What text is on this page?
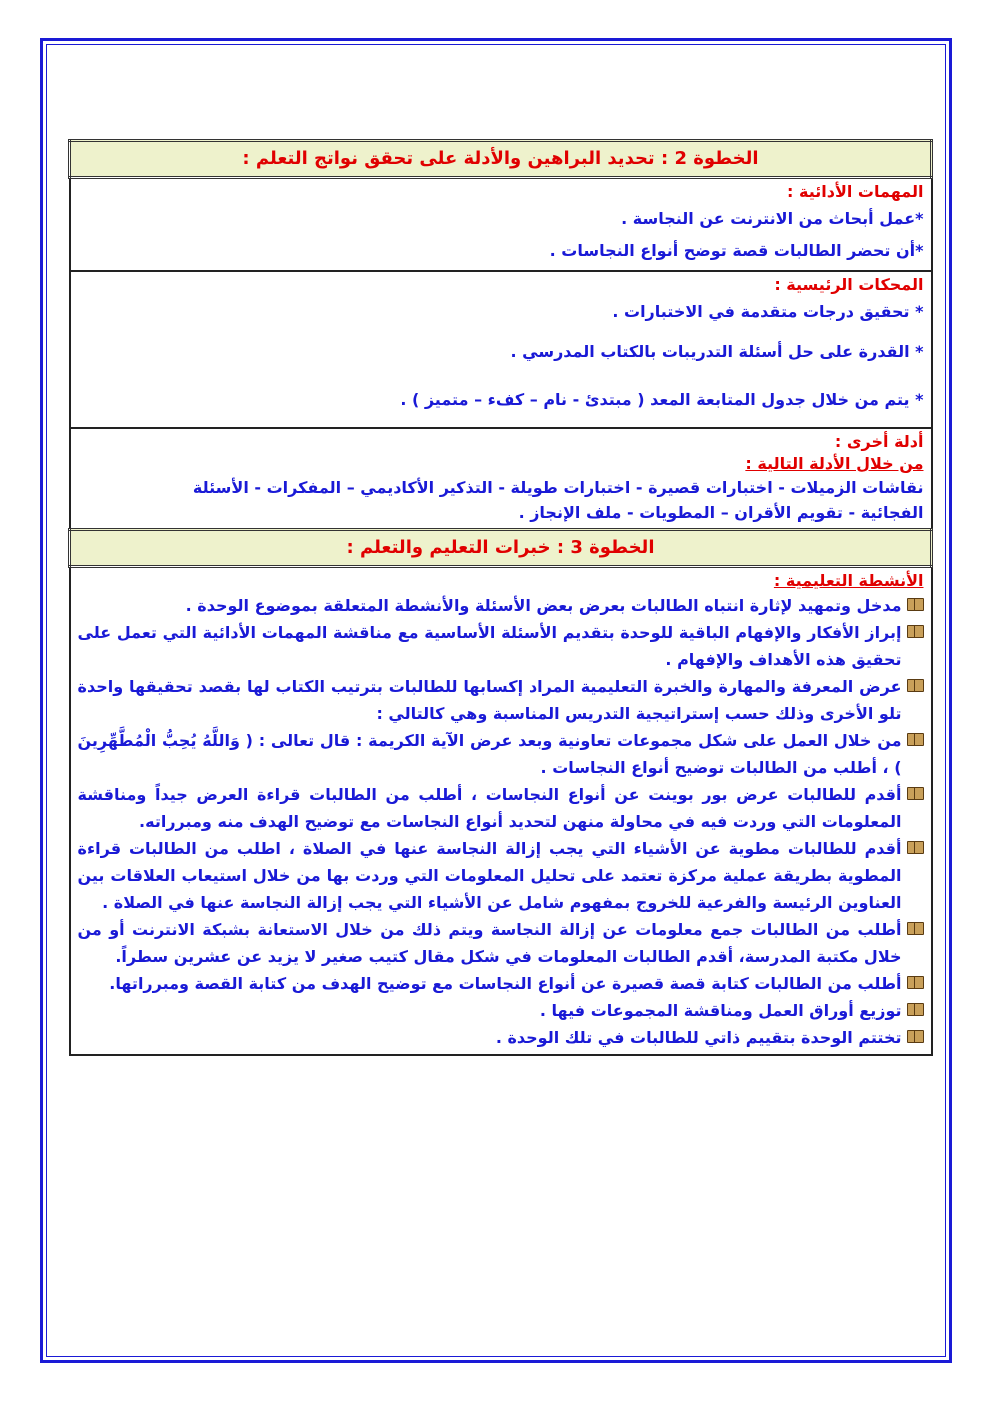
الخطوة 2 : تحديد البراهين والأدلة على تحقق نواتج التعلم :

المهمات الأدائية :
*عمل أبحاث من الانترنت عن النجاسة .
*أن تحضر الطالبات قصة توضح أنواع النجاسات .

المحكات الرئيسية :
* تحقيق درجات متقدمة في الاختبارات .
* القدرة على حل أسئلة التدريبات بالكتاب المدرسي .
* يتم من خلال جدول المتابعة المعد ( مبتدئ - نام – كفء – متميز ) .

أدلة أخرى :
من خلال الأدلة التالية :
نقاشات الزميلات - اختبارات قصيرة - اختبارات طويلة - التذكير الأكاديمي – المفكرات - الأسئلة
الفجائية - تقويم الأقران – المطويات - ملف الإنجاز .

الخطوة 3 : خبرات التعليم والتعلم :

الأنشطة التعليمية :
مدخل وتمهيد لإثارة انتباه الطالبات بعرض بعض الأسئلة والأنشطة المتعلقة بموضوع الوحدة .
إبراز الأفكار والإفهام الباقية للوحدة بتقديم الأسئلة الأساسية مع مناقشة المهمات الأدائية التي تعمل على تحقيق هذه الأهداف والإفهام .
عرض المعرفة والمهارة والخبرة التعليمية المراد إكسابها للطالبات بترتيب الكتاب لها بقصد تحقيقها واحدة تلو الأخرى وذلك حسب إستراتيجية التدريس المناسبة وهي كالتالي :
من خلال العمل على شكل مجموعات تعاونية وبعد عرض الآية الكريمة : قال تعالى : ( وَاللَّهُ يُحِبُّ الْمُطَّهِّرِينَ ) ، أطلب من الطالبات توضيح أنواع النجاسات .
أقدم للطالبات عرض بور بوينت عن أنواع النجاسات ، أطلب من الطالبات قراءة العرض جيداً ومناقشة المعلومات التي وردت فيه في محاولة منهن لتحديد أنواع النجاسات مع توضيح الهدف منه ومبرراته.
أقدم للطالبات مطوية عن الأشياء التي يجب إزالة النجاسة عنها في الصلاة ، اطلب من الطالبات قراءة المطوية بطريقة عملية مركزة تعتمد على تحليل المعلومات التي وردت بها من خلال استيعاب العلاقات بين العناوين الرئيسة والفرعية للخروج بمفهوم شامل عن الأشياء التي يجب إزالة النجاسة عنها في الصلاة .
أطلب من الطالبات جمع معلومات عن إزالة النجاسة ويتم ذلك من خلال الاستعانة بشبكة الانترنت أو من خلال مكتبة المدرسة، أقدم الطالبات المعلومات في شكل مقال كتيب صغير لا يزيد عن عشرين سطراً.
أطلب من الطالبات كتابة قصة قصيرة عن أنواع النجاسات مع توضيح الهدف من كتابة القصة ومبرراتها.
توزيع أوراق العمل ومناقشة المجموعات فيها .
تختتم الوحدة بتقييم ذاتي للطالبات في تلك الوحدة .
